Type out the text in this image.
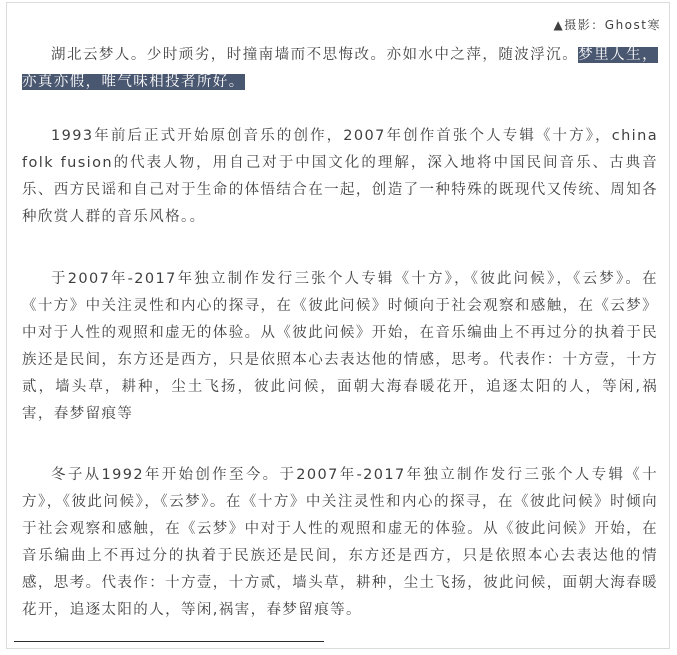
▲摄影：Ghost寒

湖北云梦人。少时顽劣，时撞南墙而不思悔改。亦如水中之萍，随波浮沉。梦里人生，亦真亦假，唯气味相投者所好。

1993年前后正式开始原创音乐的创作，2007年创作首张个人专辑《十方》，china folk fusion的代表人物，用自己对于中国文化的理解，深入地将中国民间音乐、古典音乐、西方民谣和自己对于生命的体悟结合在一起，创造了一种特殊的既现代又传统、周知各种欣赏人群的音乐风格。。

于2007年-2017年独立制作发行三张个人专辑《十方》，《彼此问候》，《云梦》。在《十方》中关注灵性和内心的探寻，在《彼此问候》时倾向于社会观察和感触，在《云梦》中对于人性的观照和虚无的体验。从《彼此问候》开始，在音乐编曲上不再过分的执着于民族还是民间，东方还是西方，只是依照本心去表达他的情感，思考。代表作：十方壹，十方贰，墙头草，耕种，尘土飞扬，彼此问候，面朝大海春暖花开，追逐太阳的人，等闲,祸害，春梦留痕等

冬子从1992年开始创作至今。于2007年-2017年独立制作发行三张个人专辑《十方》，《彼此问候》，《云梦》。在《十方》中关注灵性和内心的探寻，在《彼此问候》时倾向于社会观察和感触，在《云梦》中对于人性的观照和虚无的体验。从《彼此问候》开始，在音乐编曲上不再过分的执着于民族还是民间，东方还是西方，只是依照本心去表达他的情感，思考。代表作：十方壹，十方贰，墙头草，耕种，尘土飞扬，彼此问候，面朝大海春暖花开，追逐太阳的人，等闲,祸害，春梦留痕等。
